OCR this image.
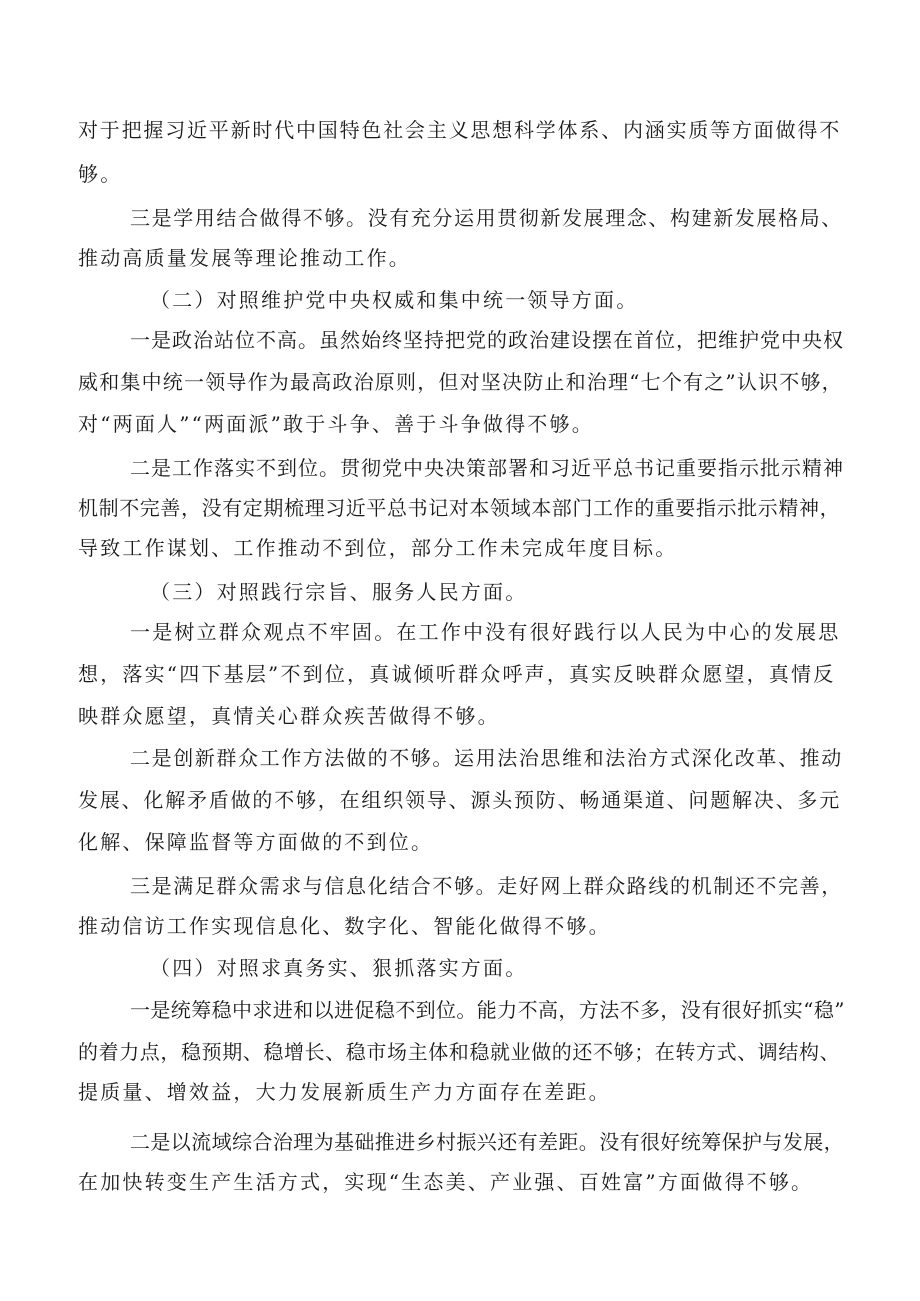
对于把握习近平新时代中国特色社会主义思想科学体系、内涵实质等方面做得不
够。
三是学用结合做得不够。没有充分运用贯彻新发展理念、构建新发展格局、
推动高质量发展等理论推动工作。
（二）对照维护党中央权威和集中统一领导方面。
一是政治站位不高。虽然始终坚持把党的政治建设摆在首位，把维护党中央权
威和集中统一领导作为最高政治原则，但对坚决防止和治理“七个有之”认识不够，
对“两面人”“两面派”敢于斗争、善于斗争做得不够。
二是工作落实不到位。贯彻党中央决策部署和习近平总书记重要指示批示精神
机制不完善，没有定期梳理习近平总书记对本领域本部门工作的重要指示批示精神，
导致工作谋划、工作推动不到位，部分工作未完成年度目标。
（三）对照践行宗旨、服务人民方面。
一是树立群众观点不牢固。在工作中没有很好践行以人民为中心的发展思
想，落实“四下基层”不到位，真诚倾听群众呼声，真实反映群众愿望，真情反
映群众愿望，真情关心群众疾苦做得不够。
二是创新群众工作方法做的不够。运用法治思维和法治方式深化改革、推动
发展、化解矛盾做的不够，在组织领导、源头预防、畅通渠道、问题解决、多元
化解、保障监督等方面做的不到位。
三是满足群众需求与信息化结合不够。走好网上群众路线的机制还不完善，
推动信访工作实现信息化、数字化、智能化做得不够。
（四）对照求真务实、狠抓落实方面。
一是统筹稳中求进和以进促稳不到位。能力不高，方法不多，没有很好抓实“稳”
的着力点，稳预期、稳增长、稳市场主体和稳就业做的还不够；在转方式、调结构、
提质量、增效益，大力发展新质生产力方面存在差距。
二是以流域综合治理为基础推进乡村振兴还有差距。没有很好统筹保护与发展，
在加快转变生产生活方式，实现“生态美、产业强、百姓富”方面做得不够。
